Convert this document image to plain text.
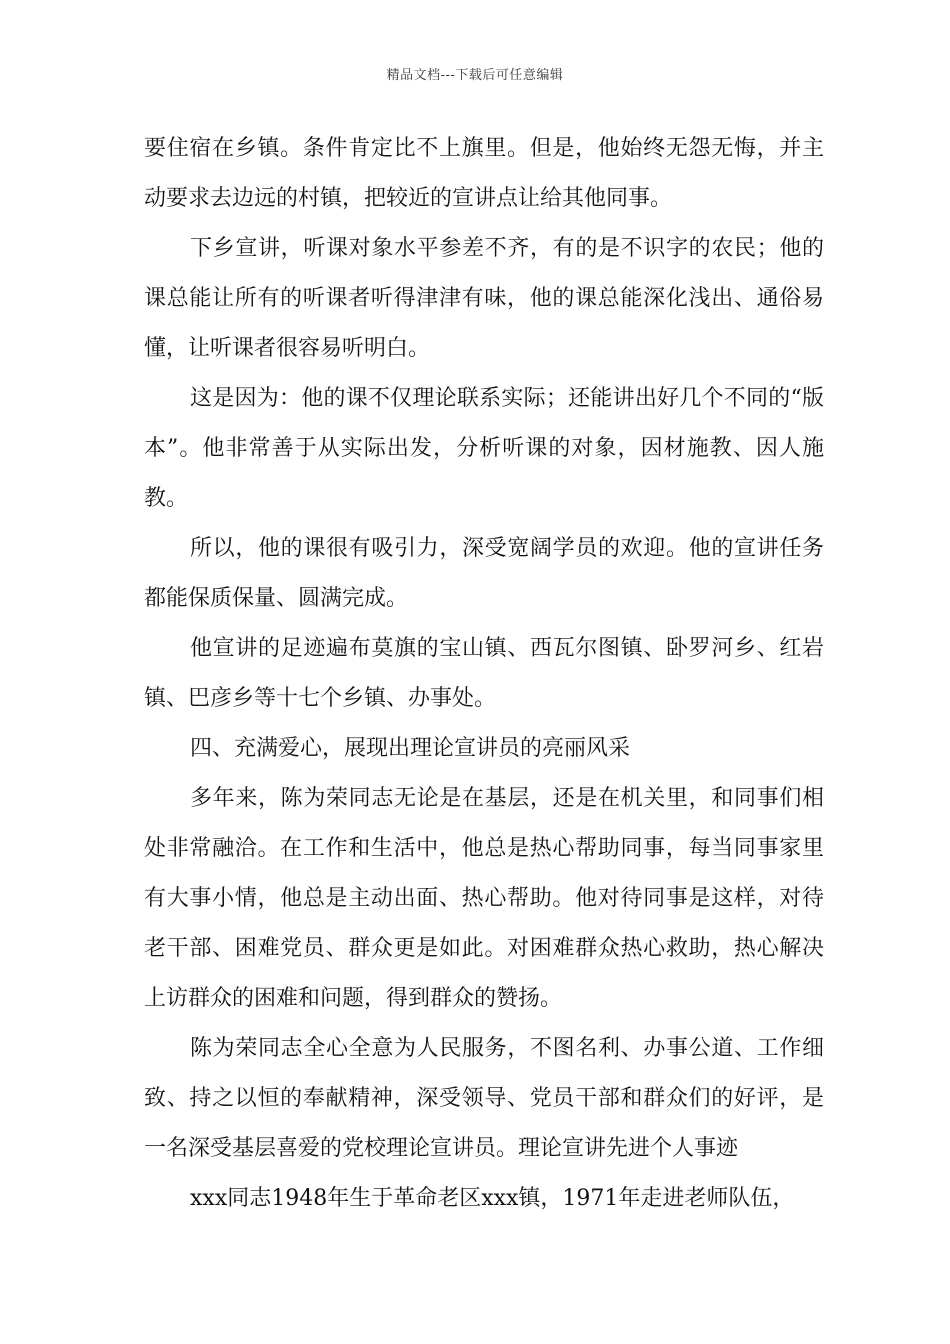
精品文档---下载后可任意编辑

要住宿在乡镇。条件肯定比不上旗里。但是，他始终无怨无悔，并主动要求去边远的村镇，把较近的宣讲点让给其他同事。

下乡宣讲，听课对象水平参差不齐，有的是不识字的农民；他的课总能让所有的听课者听得津津有味，他的课总能深化浅出、通俗易懂，让听课者很容易听明白。

这是因为：他的课不仅理论联系实际；还能讲出好几个不同的“版本”。他非常善于从实际出发，分析听课的对象，因材施教、因人施教。

所以，他的课很有吸引力，深受宽阔学员的欢迎。他的宣讲任务都能保质保量、圆满完成。

他宣讲的足迹遍布莫旗的宝山镇、西瓦尔图镇、卧罗河乡、红岩镇、巴彦乡等十七个乡镇、办事处。

四、充满爱心，展现出理论宣讲员的亮丽风采

多年来，陈为荣同志无论是在基层，还是在机关里，和同事们相处非常融洽。在工作和生活中，他总是热心帮助同事，每当同事家里有大事小情，他总是主动出面、热心帮助。他对待同事是这样，对待老干部、困难党员、群众更是如此。对困难群众热心救助，热心解决上访群众的困难和问题，得到群众的赞扬。

陈为荣同志全心全意为人民服务，不图名利、办事公道、工作细致、持之以恒的奉献精神，深受领导、党员干部和群众们的好评，是一名深受基层喜爱的党校理论宣讲员。理论宣讲先进个人事迹

xxx同志1948年生于革命老区xxx镇，1971年走进老师队伍，
